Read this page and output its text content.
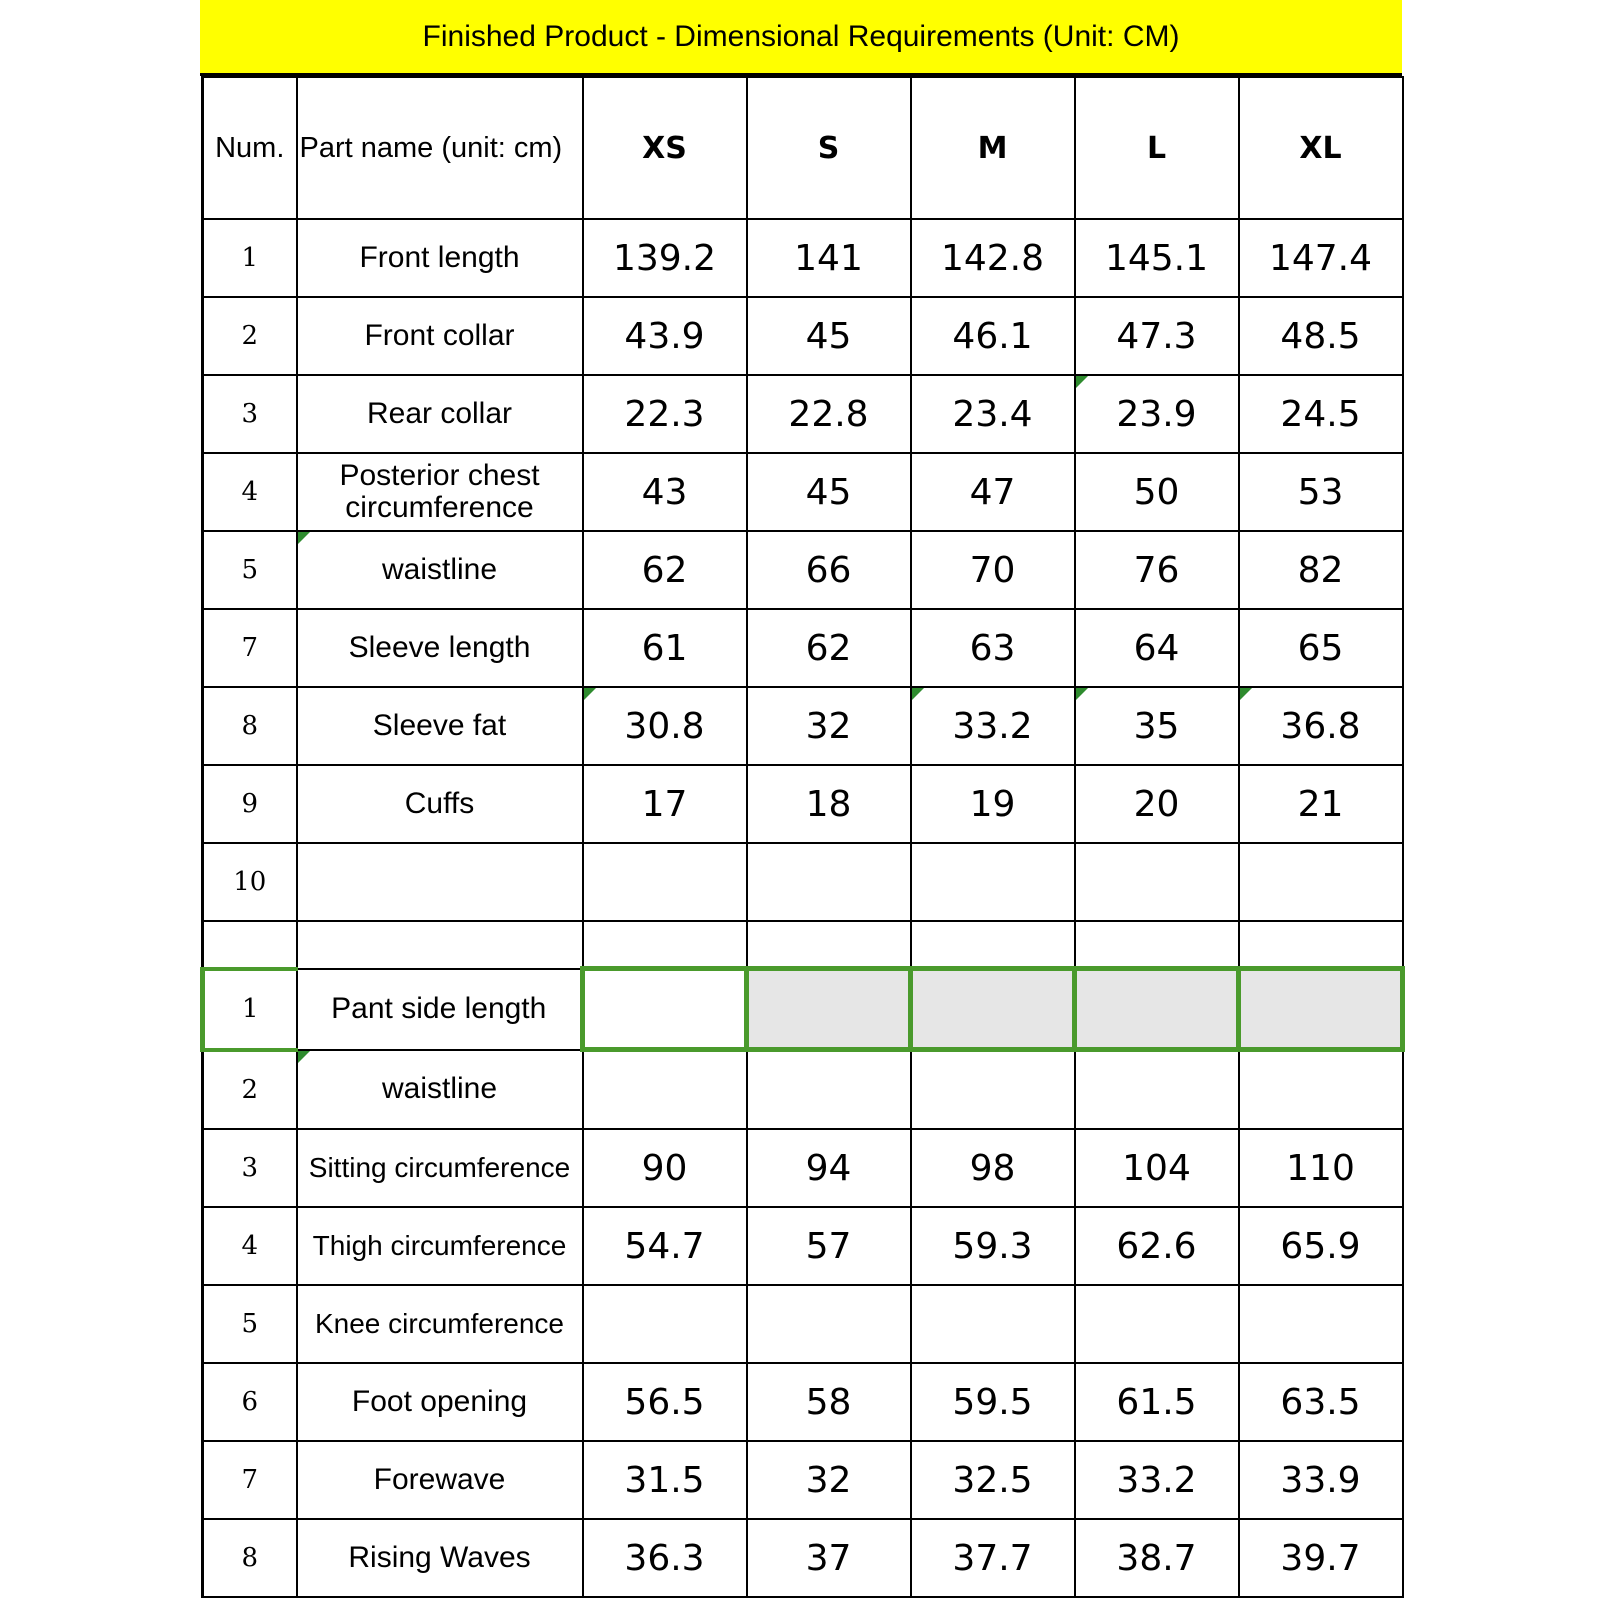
Finished Product - Dimensional Requirements (Unit: CM)
Num.	Part name (unit: cm)	XS	S	M	L	XL
1	Front length	139.2	141	142.8	145.1	147.4
2	Front collar	43.9	45	46.1	47.3	48.5
3	Rear collar	22.3	22.8	23.4	23.9	24.5
4	Posterior chest circumference	43	45	47	50	53
5	waistline	62	66	70	76	82
7	Sleeve length	61	62	63	64	65
8	Sleeve fat	30.8	32	33.2	35	36.8

9	Cuffs	17	18	19	20	21
10						

1	Pant side length					
2	waistline

3	Sitting circumference	90	94	98	104	110
4	Thigh circumference	54.7	57	59.3	62.6	65.9
5	Knee circumference					
6	Foot opening	56.5	58	59.5	61.5	63.5
7	Forewave	31.5	32	32.5	33.2	33.9
8	Rising Waves	36.3	37	37.7	38.7	39.7
